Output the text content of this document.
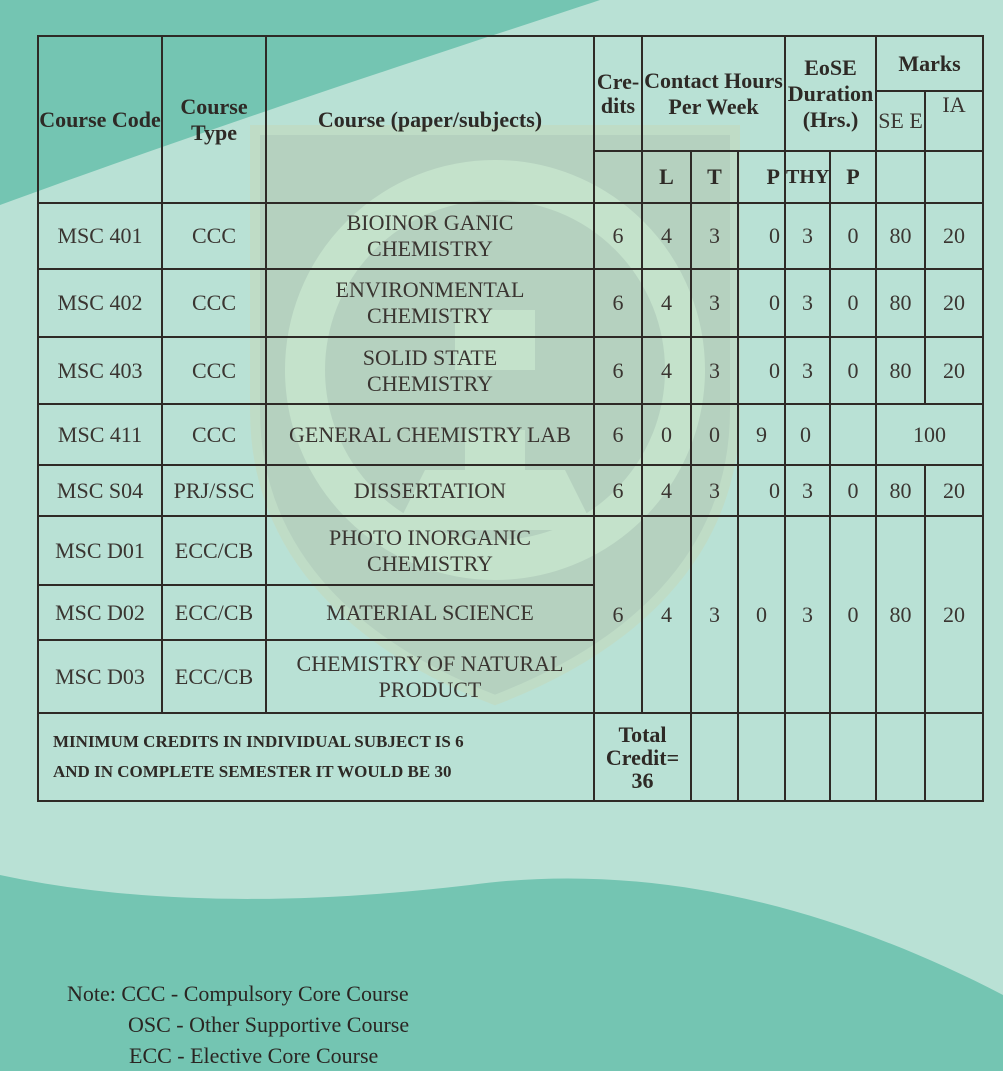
Course Code	Course Type	Course (paper/subjects)	Cre-dits	Contact Hours Per Week			EoSE Duration (Hrs.)		Marks	
									SE E	IA
				L	T	P	THY	P		
MSC 401	CCC	BIOINOR GANIC CHEMISTRY	6	4	3	0	3	0	80	20
MSC 402	CCC	ENVIRONMENTAL CHEMISTRY	6	4	3	0	3	0	80	20
MSC 403	CCC	SOLID STATE CHEMISTRY	6	4	3	0	3	0	80	20
MSC 411	CCC	GENERAL CHEMISTRY LAB	6	0	0	9	0		100	
MSC S04	PRJ/SSC	DISSERTATION	6	4	3	0	3	0	80	20
MSC D01	ECC/CB	PHOTO INORGANIC CHEMISTRY	6	4	3	0	3	0	80	20
MSC D02	ECC/CB	MATERIAL SCIENCE								
MSC D03	ECC/CB	CHEMISTRY OF NATURAL PRODUCT								

MINIMUM CREDITS IN INDIVIDUAL SUBJECT IS 6
AND IN COMPLETE SEMESTER IT WOULD BE 30			Total Credit= 36							
Note: CCC - Compulsory Core Course
OSC - Other Supportive Course
ECC - Elective Core Course
